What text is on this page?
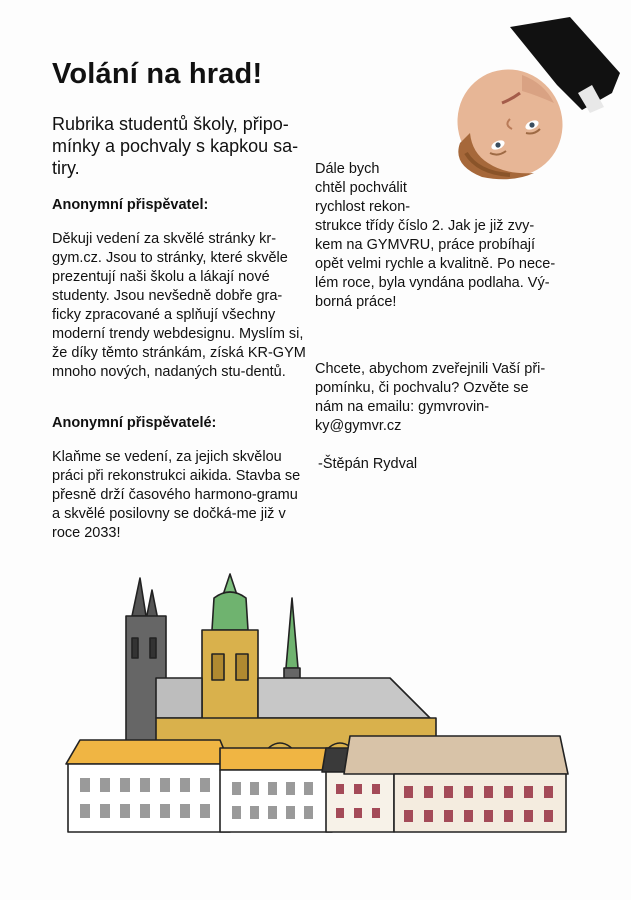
Volání na hrad!

Rubrika studentů školy, připo-mínky a pochvaly s kapkou sa-tiry.

Anonymní přispěvatel:

Děkuji vedení za skvělé stránky kr-gym.cz. Jsou to stránky, které skvěle prezentují naši školu a lákají nové studenty. Jsou nevšedně dobře gra-ficky zpracované a splňují všechny moderní trendy webdesignu. Myslím si, že díky těmto stránkám, získá KR-GYM mnoho nových, nadaných stu-dentů.

Anonymní přispěvatelé:

Klaňme se vedení, za jejich skvělou práci při rekonstrukci aikida. Stavba se přesně drží časového harmono-gramu a skvělé posilovny se dočká-me již v roce 2033!

Dále bych

chtěl pochválit

rychlost rekon-

strukce třídy číslo 2. Jak je již zvy-kem na GYMVRU, práce probíhají opět velmi rychle a kvalitně. Po nece-lém roce, byla vyndána podlaha. Vý-borná práce!

Chcete, abychom zveřejnili Vaší při-pomínku, či pochvalu? Ozvěte se nám na emailu: gymvrovin-ky@gymvr.cz

-Štěpán Rydval
